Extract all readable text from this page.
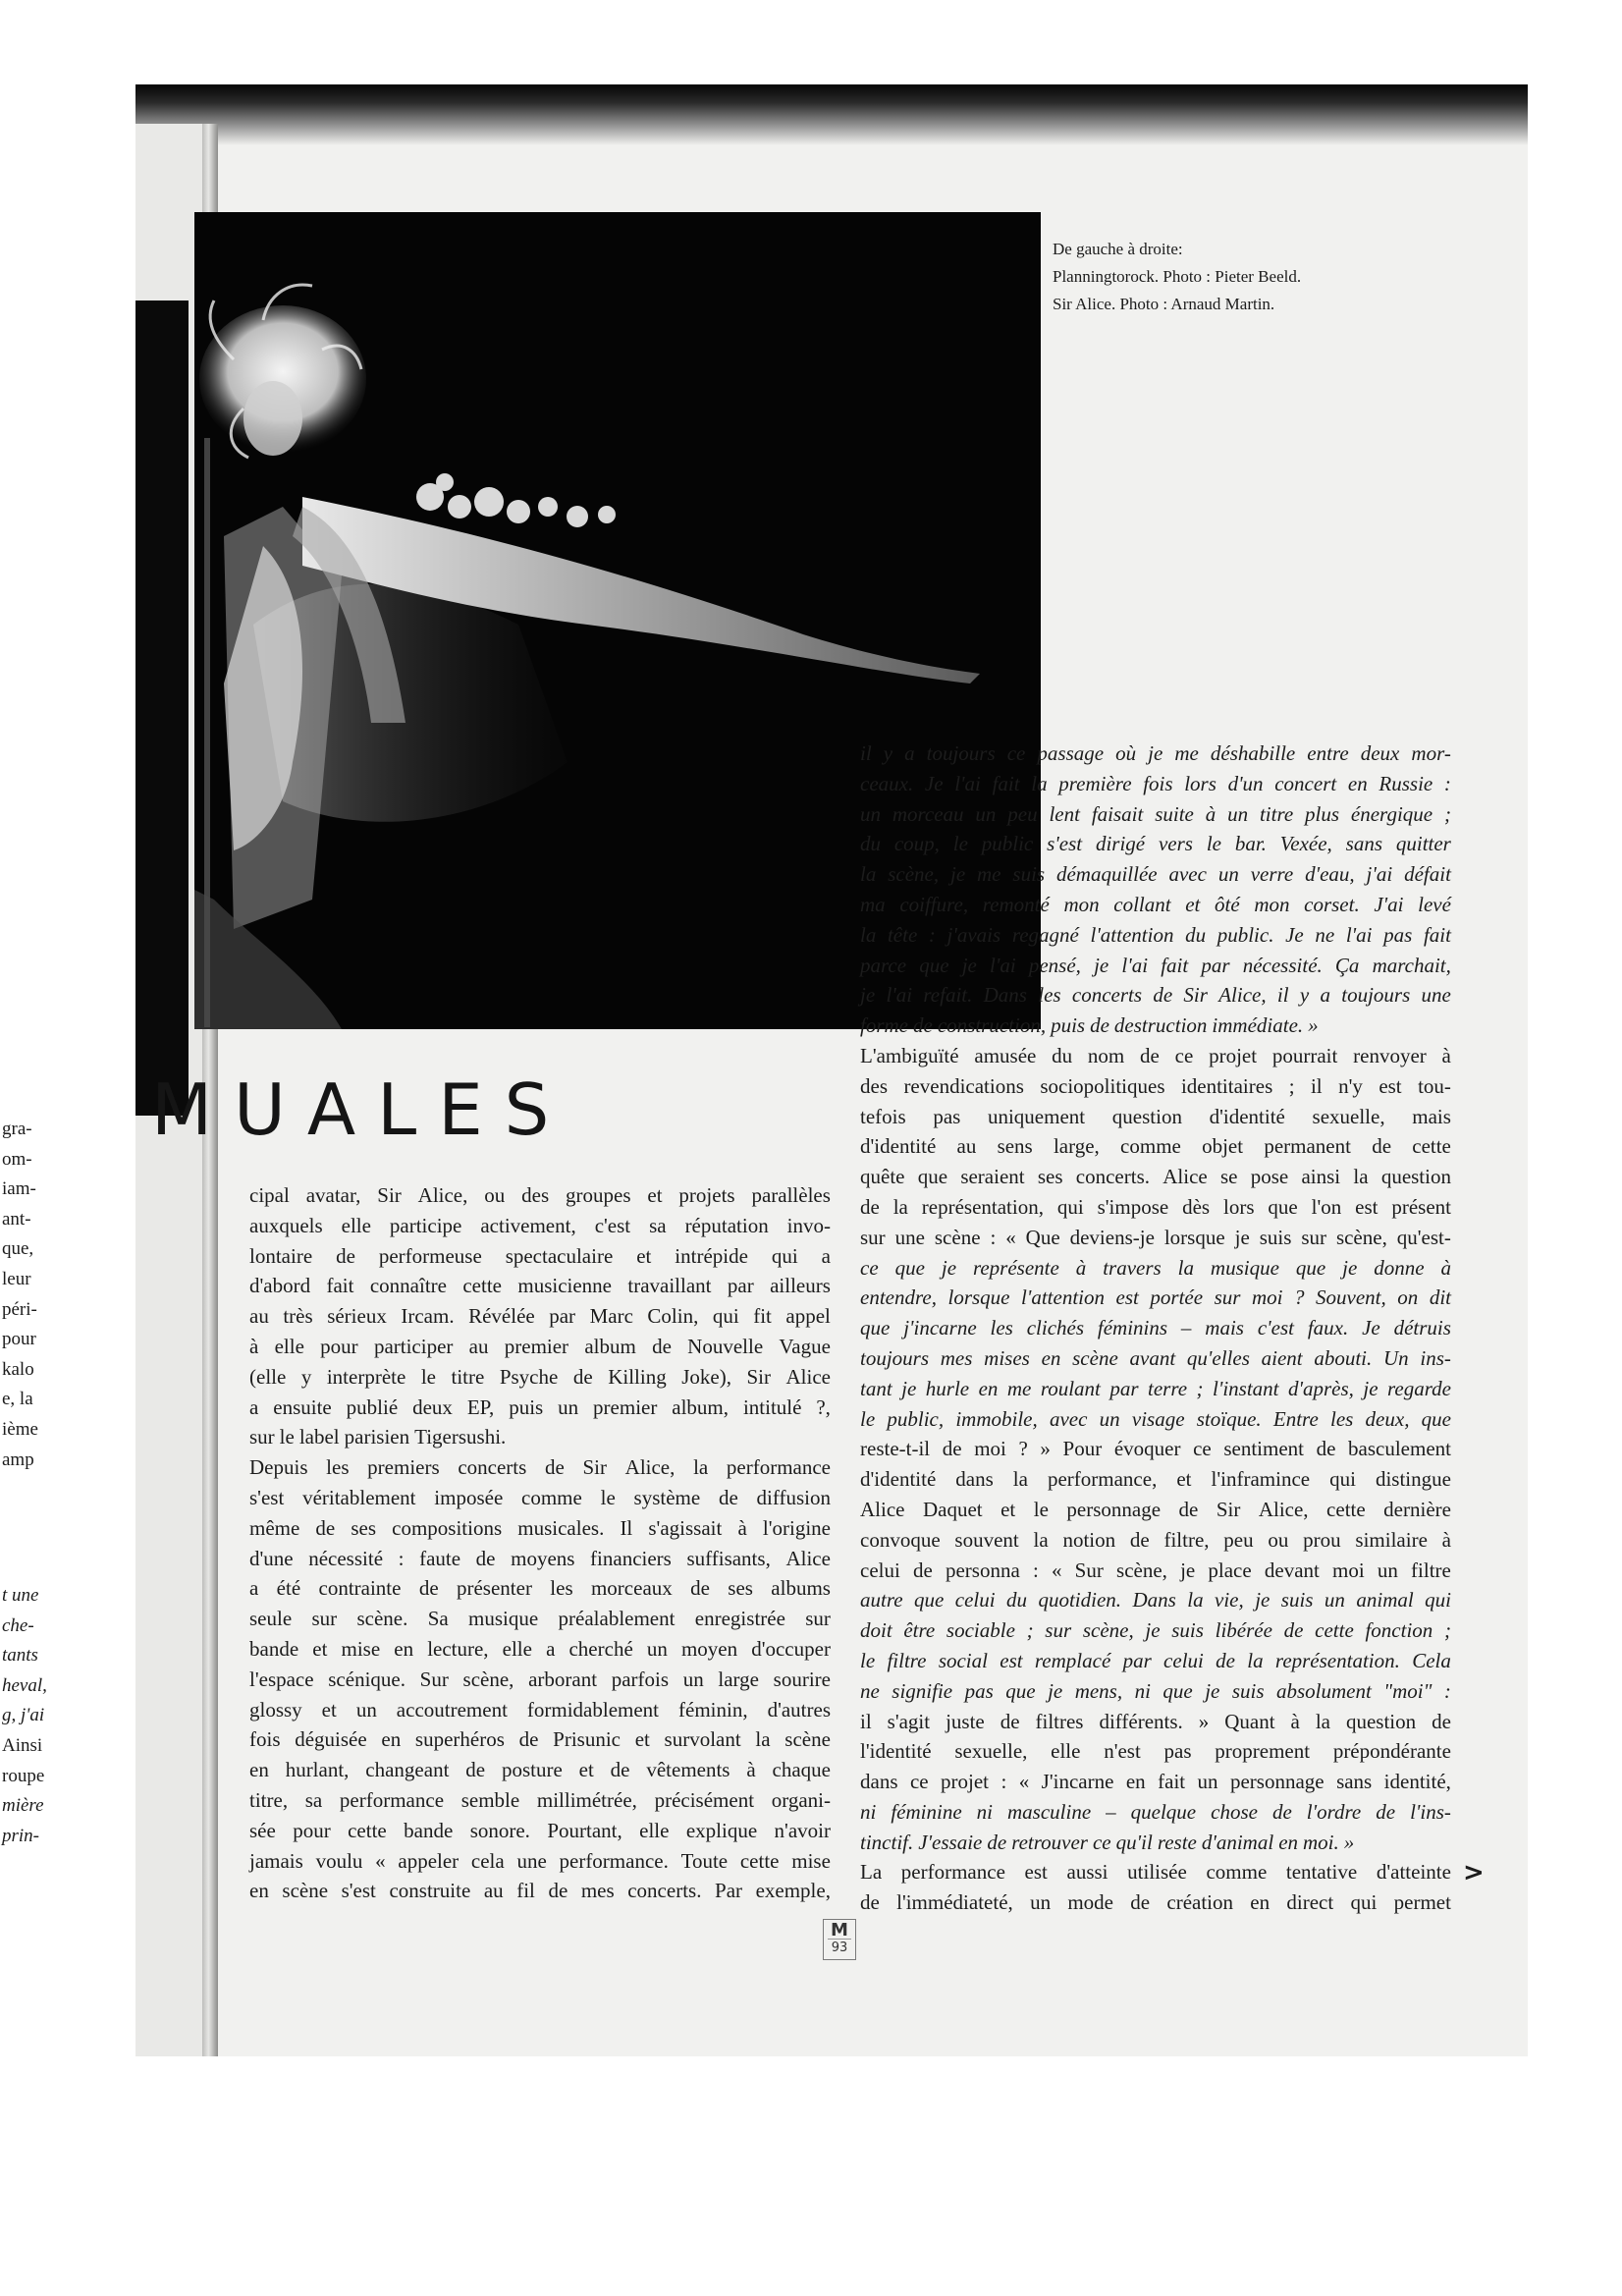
gra-
om-
iam-
ant-
que,
leur
péri-
pour
kalo
e, la
ième
amp
t une
che-
tants
heval,
g, j'ai
Ainsi
roupe
mière
prin-
De gauche à droite:
Planningtorock. Photo : Pieter Beeld.
Sir Alice. Photo : Arnaud Martin.
MUALES
cipal avatar, Sir Alice, ou des groupes et projets parallèles
auxquels elle participe activement, c'est sa réputation invo-
lontaire de performeuse spectaculaire et intrépide qui a
d'abord fait connaître cette musicienne travaillant par ailleurs
au très sérieux Ircam. Révélée par Marc Colin, qui fit appel
à elle pour participer au premier album de Nouvelle Vague
(elle y interprète le titre Psyche de Killing Joke), Sir Alice
a ensuite publié deux EP, puis un premier album, intitulé ?,
sur le label parisien Tigersushi.
Depuis les premiers concerts de Sir Alice, la performance
s'est véritablement imposée comme le système de diffusion
même de ses compositions musicales. Il s'agissait à l'origine
d'une nécessité : faute de moyens financiers suffisants, Alice
a été contrainte de présenter les morceaux de ses albums
seule sur scène. Sa musique préalablement enregistrée sur
bande et mise en lecture, elle a cherché un moyen d'occuper
l'espace scénique. Sur scène, arborant parfois un large sourire
glossy et un accoutrement formidablement féminin, d'autres
fois déguisée en superhéros de Prisunic et survolant la scène
en hurlant, changeant de posture et de vêtements à chaque
titre, sa performance semble millimétrée, précisément organi-
sée pour cette bande sonore. Pourtant, elle explique n'avoir
jamais voulu « appeler cela une performance. Toute cette mise
en scène s'est construite au fil de mes concerts. Par exemple,
il y a toujours ce passage où je me déshabille entre deux mor-
ceaux. Je l'ai fait la première fois lors d'un concert en Russie :
un morceau un peu lent faisait suite à un titre plus énergique ;
du coup, le public s'est dirigé vers le bar. Vexée, sans quitter
la scène, je me suis démaquillée avec un verre d'eau, j'ai défait
ma coiffure, remonté mon collant et ôté mon corset. J'ai levé
la tête : j'avais regagné l'attention du public. Je ne l'ai pas fait
parce que je l'ai pensé, je l'ai fait par nécessité. Ça marchait,
je l'ai refait. Dans les concerts de Sir Alice, il y a toujours une
forme de construction, puis de destruction immédiate. »
L'ambiguïté amusée du nom de ce projet pourrait renvoyer à
des revendications sociopolitiques identitaires ; il n'y est tou-
tefois pas uniquement question d'identité sexuelle, mais
d'identité au sens large, comme objet permanent de cette
quête que seraient ses concerts. Alice se pose ainsi la question
de la représentation, qui s'impose dès lors que l'on est présent
sur une scène : « Que deviens-je lorsque je suis sur scène, qu'est-
ce que je représente à travers la musique que je donne à
entendre, lorsque l'attention est portée sur moi ? Souvent, on dit
que j'incarne les clichés féminins – mais c'est faux. Je détruis
toujours mes mises en scène avant qu'elles aient abouti. Un ins-
tant je hurle en me roulant par terre ; l'instant d'après, je regarde
le public, immobile, avec un visage stoïque. Entre les deux, que
reste-t-il de moi ? » Pour évoquer ce sentiment de basculement
d'identité dans la performance, et l'inframince qui distingue
Alice Daquet et le personnage de Sir Alice, cette dernière
convoque souvent la notion de filtre, peu ou prou similaire à
celui de personna : « Sur scène, je place devant moi un filtre
autre que celui du quotidien. Dans la vie, je suis un animal qui
doit être sociable ; sur scène, je suis libérée de cette fonction ;
le filtre social est remplacé par celui de la représentation. Cela
ne signifie pas que je mens, ni que je suis absolument "moi" :
il s'agit juste de filtres différents. » Quant à la question de
l'identité sexuelle, elle n'est pas proprement prépondérante
dans ce projet : « J'incarne en fait un personnage sans identité,
ni féminine ni masculine – quelque chose de l'ordre de l'ins-
tinctif. J'essaie de retrouver ce qu'il reste d'animal en moi. »
La performance est aussi utilisée comme tentative d'atteinte
de l'immédiateté, un mode de création en direct qui permet
M
93
>
